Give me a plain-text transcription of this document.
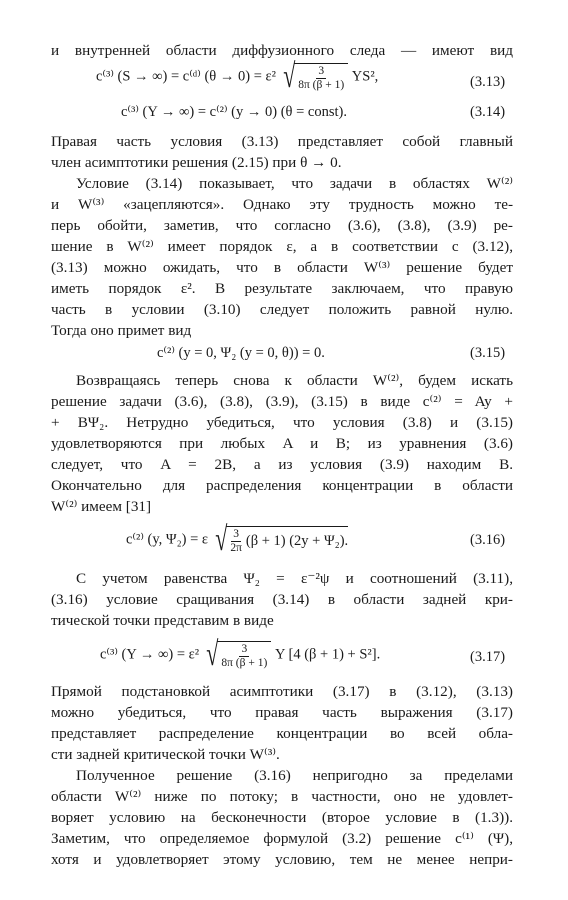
и внутренней области диффузионного следа — имеют вид
c⁽³⁾ (S → ∞) = c⁽ᵈ⁾ (θ → 0) = ε² √ $\frac{3}{8\pi (\beta + 1)} YS^2$,	(3.13)
c⁽³⁾ (Y → ∞) = c⁽²⁾ (y → 0) (θ = const).	(3.14)
Правая часть условия (3.13) представляет собой главный
член асимптотики решения (2.15) при θ → 0.
Условие (3.14) показывает, что задачи в областях W⁽²⁾
и W⁽³⁾ «зацепляются». Однако эту трудность можно те-
перь обойти, заметив, что согласно (3.6), (3.8), (3.9) ре-
шение в W⁽²⁾ имеет порядок ε, а в соответствии с (3.12),
(3.13) можно ожидать, что в области W⁽³⁾ решение будет
иметь порядок ε². В результате заключаем, что правую
часть в условии (3.10) следует положить равной нулю.
Тогда оно примет вид
c⁽²⁾ (y = 0, Ψ₂ (y = 0, θ)) = 0.	(3.15)
Возвращаясь теперь снова к области W⁽²⁾, будем искать
решение задачи (3.6), (3.8), (3.9), (3.15) в виде c⁽²⁾ = Ay +
+ BΨ₂. Нетрудно убедиться, что условия (3.8) и (3.15)
удовлетворяются при любых A и B; из уравнения (3.6)
следует, что A = 2B, а из условия (3.9) находим B.
Окончательно для распределения концентрации в области
W⁽²⁾ имеем [31]
c⁽²⁾ (y, Ψ₂) = ε √ $\frac{3}{2\pi} (\beta + 1) (2y + \Psi_2)$.	(3.16)
С учетом равенства Ψ₂ = ε⁻²ψ и соотношений (3.11),
(3.16) условие сращивания (3.14) в области задней кри-
тической точки представим в виде
c⁽³⁾ (Y → ∞) = ε² √ $\frac{3}{8\pi (\beta + 1)}$ Y [4 (β + 1) + S²].	(3.17)
Прямой подстановкой асимптотики (3.17) в (3.12), (3.13)
можно убедиться, что правая часть выражения (3.17)
представляет распределение концентрации во всей обла-
сти задней критической точки W⁽³⁾.
Полученное решение (3.16) непригодно за пределами
области W⁽²⁾ ниже по потоку; в частности, оно не удовлет-
воряет условию на бесконечности (второе условие в (1.3)).
Заметим, что определяемое формулой (3.2) решение c⁽¹⁾ (Ψ),
хотя и удовлетворяет этому условию, тем не менее непри-
